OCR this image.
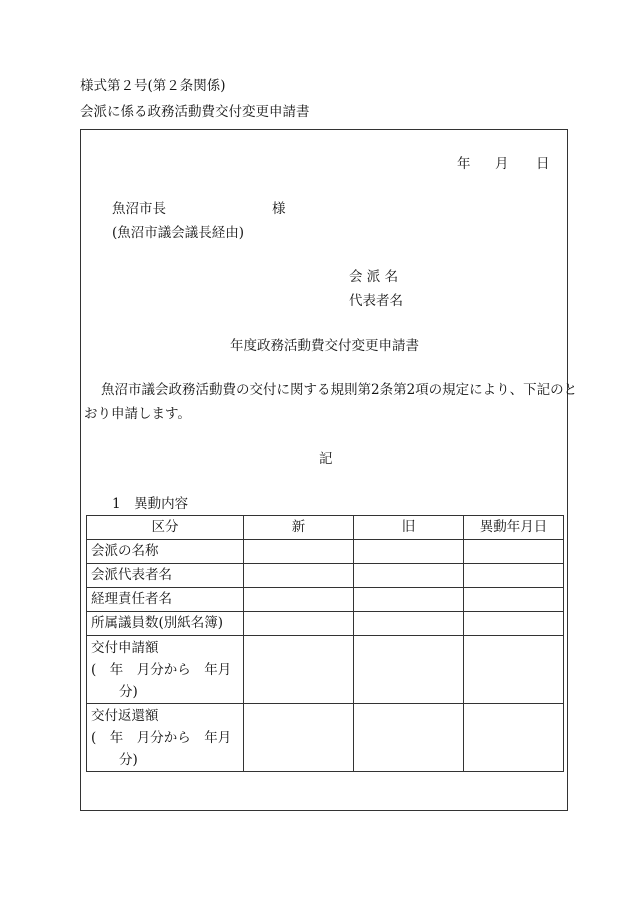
様式第２号(第２条関係)
会派に係る政務活動費交付変更申請書
年 月 日
魚沼市長	様
(魚沼市議会議長経由)
会 派 名
代表者名
年度政務活動費交付変更申請書
魚沼市議会政務活動費の交付に関する規則第2条第2項の規定により、下記のと
おり申請します。
記
1　異動内容
区分	新	旧	異動年月日
会派の名称			
会派代表者名			
経理責任者名			
所属議員数(別紙名簿)			

交付申請額
(　年　月分から　年月
分)			

交付返還額
(　年　月分から　年月
分)			
